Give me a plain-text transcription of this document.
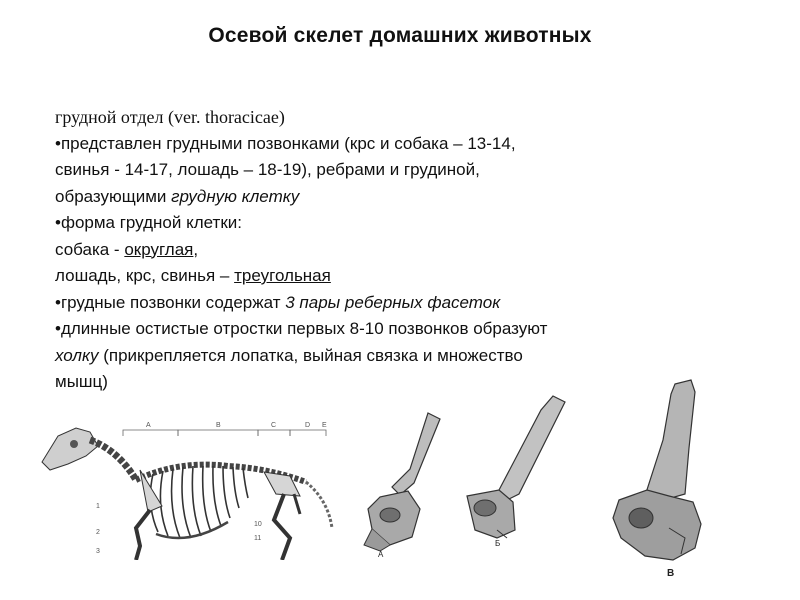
Осевой скелет домашних животных
грудной отдел (ver. thoracicae)
•представлен грудными позвонками (крс и собака – 13-14,
свинья - 14-17, лошадь – 18-19), ребрами и грудиной,
образующими грудную клетку
•форма грудной клетки:
собака - округлая,
лошадь, крс, свинья – треугольная
•грудные позвонки содержат 3 пары реберных фасеток
•длинные остистые отростки первых 8-10 позвонков образуют
холку (прикрепляется лопатка, выйная связка и множество
мышц)
A	B	C	D E
1
2
3
10
11
А
Б
В
